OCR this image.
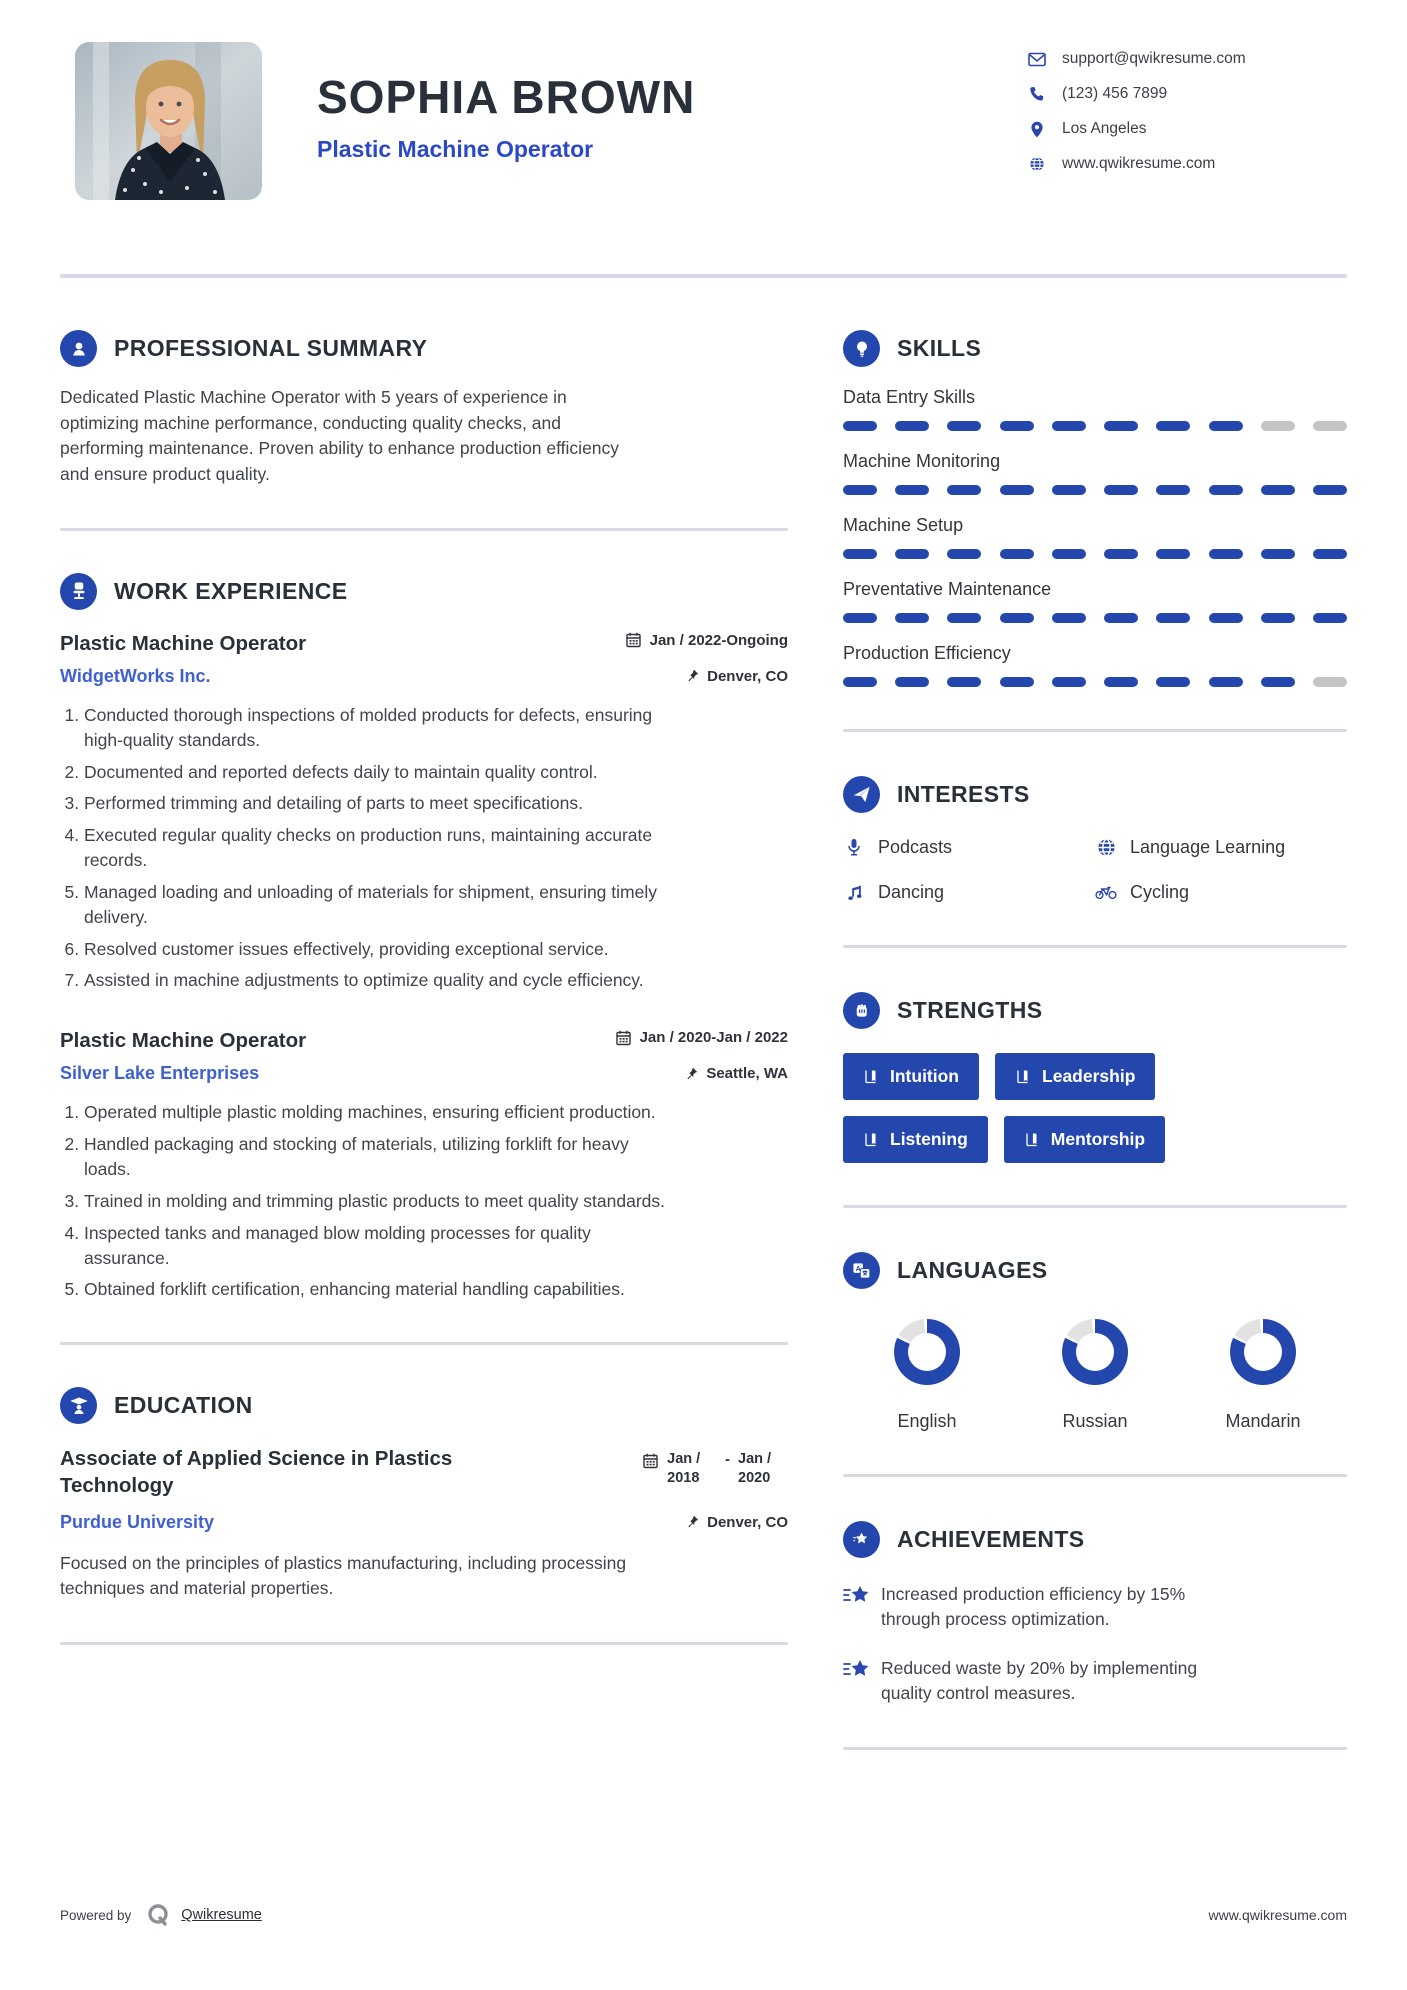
SOPHIA BROWN
Plastic Machine Operator
support@qwikresume.com
(123) 456 7899
Los Angeles
www.qwikresume.com
PROFESSIONAL SUMMARY

Dedicated Plastic Machine Operator with 5 years of experience in optimizing machine performance, conducting quality checks, and performing maintenance. Proven ability to enhance production efficiency and ensure product quality.

WORK EXPERIENCE
Plastic Machine Operator	Jan / 2022-Ongoing
WidgetWorks Inc.	Denver, CO
1. Conducted thorough inspections of molded products for defects, ensuring high-quality standards.
2. Documented and reported defects daily to maintain quality control.
3. Performed trimming and detailing of parts to meet specifications.
4. Executed regular quality checks on production runs, maintaining accurate records.
5. Managed loading and unloading of materials for shipment, ensuring timely delivery.
6. Resolved customer issues effectively, providing exceptional service.
7. Assisted in machine adjustments to optimize quality and cycle efficiency.
Plastic Machine Operator	Jan / 2020-Jan / 2022
Silver Lake Enterprises	Seattle, WA
1. Operated multiple plastic molding machines, ensuring efficient production.
2. Handled packaging and stocking of materials, utilizing forklift for heavy loads.
3. Trained in molding and trimming plastic products to meet quality standards.
4. Inspected tanks and managed blow molding processes for quality assurance.
5. Obtained forklift certification, enhancing material handling capabilities.
EDUCATION
Associate of Applied Science in Plastics Technology
Jan / 2018
- Jan / 2020
Purdue University	Denver, CO

Focused on the principles of plastics manufacturing, including processing techniques and material properties.

SKILLS
Data Entry Skills
Machine Monitoring
Machine Setup
Preventative Maintenance
Production Efficiency
INTERESTS
Podcasts	Language Learning
Dancing	Cycling
STRENGTHS
Intuition	Leadership
Listening	Mentorship
A LANGUAGES
English	Russian	Mandarin
ACHIEVEMENTS
Increased production efficiency by 15% through process optimization.
Reduced waste by 20% by implementing quality control measures.
Powered by	Qwikresume	www.qwikresume.com
